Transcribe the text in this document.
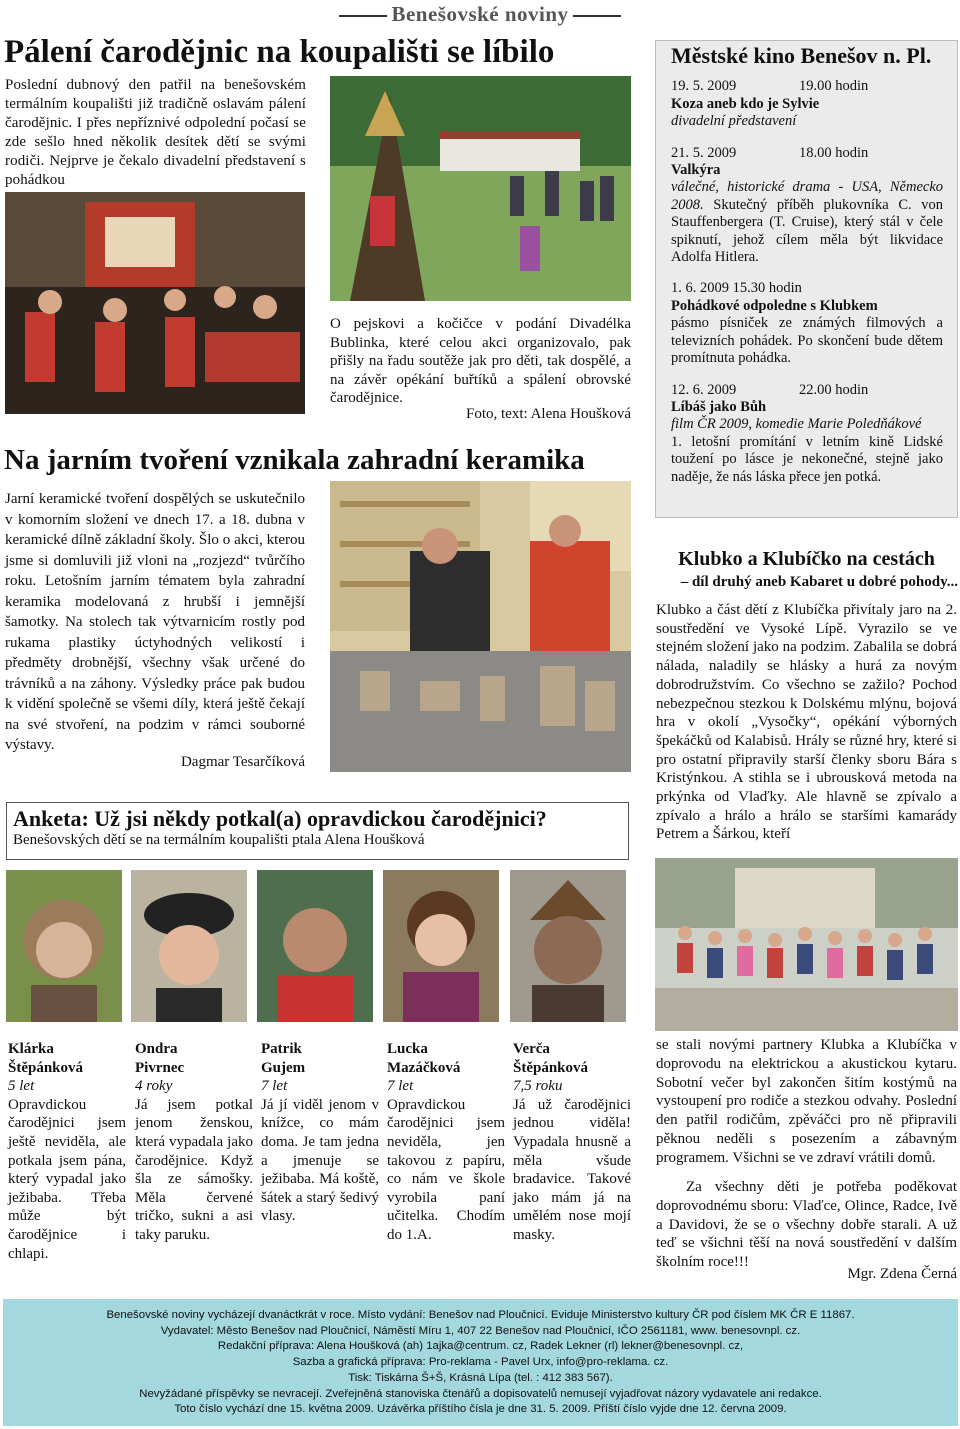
Benešovské noviny
Pálení čarodějnic na koupališti se líbilo
Poslední dubnový den patřil na benešovském termálním koupališti již tradičně oslavám pálení čarodějnic. I přes nepříznivé odpolední počasí se zde sešlo hned několik desítek dětí se svými rodiči. Nejprve je čekalo divadelní představení s pohádkou
O pejskovi a kočičce v podání Divadélka Bublinka, které celou akci organizovalo, pak přišly na řadu soutěže jak pro děti, tak dospělé, a na závěr opékání buřtíků a spálení obrovské čarodějnice.
Foto, text: Alena Houšková
Městské kino Benešov n. Pl.
19. 5. 2009	19.00 hodin
Koza aneb kdo je Sylvie
divadelní představení
21. 5. 2009	18.00 hodin
Valkýra

válečné, historické drama - USA, Německo 2008. Skutečný příběh plukovníka C. von Stauffenbergera (T. Cruise), který stál v čele spiknutí, jehož cílem měla být likvidace Adolfa Hitlera.

1. 6. 2009
15.30 hodin
Pohádkové odpoledne s Klubkem

pásmo písniček ze známých filmových a televizních pohádek. Po skončení bude dětem promítnuta pohádka.

12. 6. 2009	22.00 hodin
Líbáš jako Bůh
film ČR 2009, komedie Marie Poledňákové

1. letošní promítání v letním kině Lidské toužení po lásce je nekonečné, stejně jako naděje, že nás láska přece jen potká.

Na jarním tvoření vznikala zahradní keramika
Jarní keramické tvoření dospělých se uskutečnilo v komorním složení ve dnech 17. a 18. dubna v keramické dílně základní školy. Šlo o akci, kterou jsme si domluvili již vloni na „rozjezd“ tvůrčího roku. Letošním jarním tématem byla zahradní keramika modelovaná z hrubší i jemnější šamotky. Na stolech tak výtvarnicím rostly pod rukama plastiky úctyhodných velikostí i předměty drobnější, všechny však určené do trávníků a na záhony. Výsledky práce pak budou k vidění společně se všemi díly, která ještě čekají na své stvoření, na podzim v rámci souborné výstavy.
Dagmar Tesarčíková
Klubko a Klubíčko na cestách
– díl druhý aneb Kabaret u dobré pohody...
Klubko a část dětí z Klubíčka přivítaly jaro na 2. soustředění ve Vysoké Lípě. Vyrazilo se ve stejném složení jako na podzim. Zabalila se dobrá nálada, naladily se hlásky a hurá za novým dobrodružstvím. Co všechno se zažilo? Pochod nebezpečnou stezkou k Dolskému mlýnu, bojová hra v okolí „Vysočky“, opékání výborných špekáčků od Kalabisů. Hrály se různé hry, které si pro ostatní připravily starší členky sboru Bára s Kristýnkou. A stihla se i ubrousková metoda na prkýnka od Vlaďky. Ale hlavně se zpívalo a zpívalo a hrálo a hrálo se staršími kamarády Petrem a Šárkou, kteří
se stali novými partnery Klubka a Klubíčka v doprovodu na elektrickou a akustickou kytaru. Sobotní večer byl zakončen šitím kostýmů na vystoupení pro rodiče a stezkou odvahy. Poslední den patřil rodičům, zpěváčci pro ně připravili pěknou neděli s posezením a zábavným programem. Všichni se ve zdraví vrátili domů.
Za všechny děti je potřeba poděkovat doprovodnému sboru: Vlaďce, Olince, Radce, Ivě a Davidovi, že se o všechny dobře starali. A už teď se všichni těší na nová soustředění v dalším školním roce!!!
Mgr. Zdena Černá
Anketa: Už jsi někdy potkal(a) opravdickou čarodějnici?
Benešovských dětí se na termálním koupališti ptala Alena Houšková
Klárka
Štěpánková
5 let
Opravdickou čarodějnici jsem ještě neviděla, ale potkala jsem pána, který vypadal jako ježibaba. Třeba může být čarodějnice i chlapi.
Ondra
Pivrnec
4 roky
Já jsem potkal jenom ženskou, která vypadala jako čarodějnice. Když šla ze sámošky. Měla červené tričko, sukni a asi taky paruku.
Patrik
Gujem
7 let
Já jí viděl jenom v knížce, co mám doma. Je tam jedna a jmenuje se ježibaba. Má koště, šátek a starý šedivý vlasy.
Lucka
Mazáčková
7 let
Opravdickou čarodějnici jsem neviděla, jen takovou z papíru, co nám ve škole vyrobila paní učitelka. Chodím do 1.A.
Verča
Štěpánková
7,5 roku
Já už čarodějnici jednou viděla! Vypadala hnusně a měla všude bradavice. Takové jako mám já na umělém nose mojí masky.
Benešovské noviny vycházejí dvanáctkrát v roce. Místo vydání: Benešov nad Ploučnicí. Eviduje Ministerstvo kultury ČR pod číslem MK ČR E 11867.
Vydavatel: Město Benešov nad Ploučnicí, Náměstí Míru 1, 407 22 Benešov nad Ploučnicí, IČO 2561181, www. benesovnpl. cz.
Redakční příprava: Alena Houšková (ah) 1ajka@centrum. cz, Radek Lekner (rl) lekner@benesovnpl. cz,
Sazba a grafická příprava: Pro-reklama - Pavel Urx, info@pro-reklama. cz.
Tisk: Tiskárna Š+Š, Krásná Lípa (tel. : 412 383 567).
Nevyžádané příspěvky se nevracejí. Zveřejněná stanoviska čtenářů a dopisovatelů nemusejí vyjadřovat názory vydavatele ani redakce.
Toto číslo vychází dne 15. května 2009. Uzávěrka příštího čísla je dne 31. 5. 2009. Příští číslo vyjde dne 12. června 2009.
